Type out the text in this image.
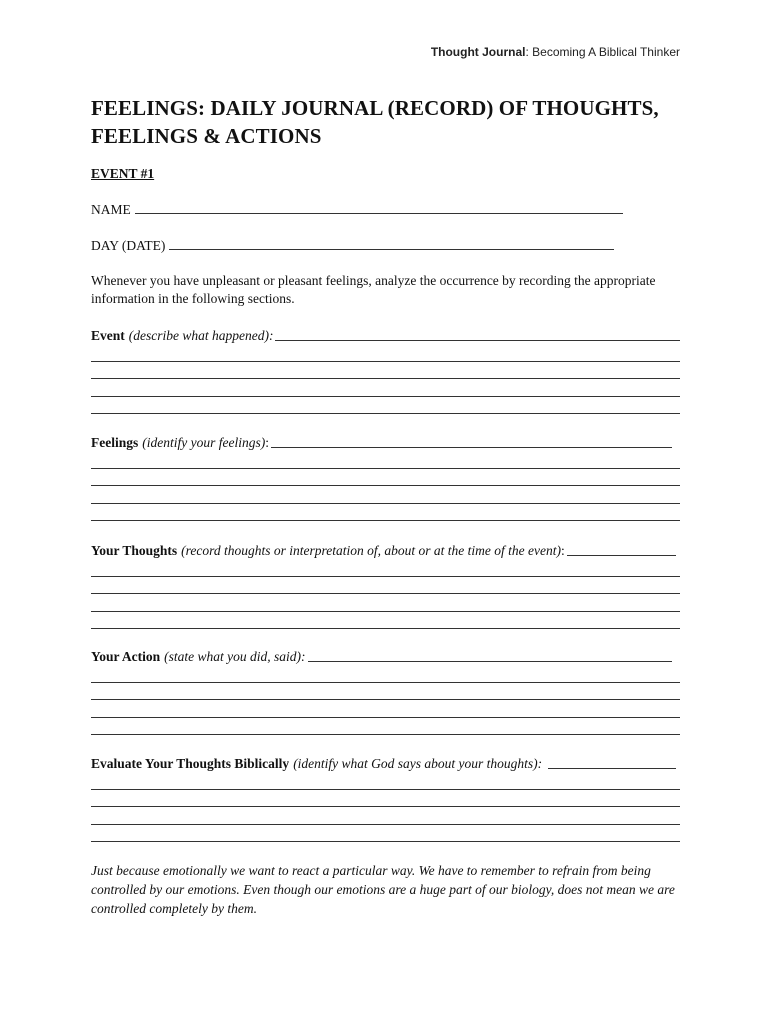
Thought Journal: Becoming A Biblical Thinker
FEELINGS: DAILY JOURNAL (RECORD) OF THOUGHTS, FEELINGS & ACTIONS
EVENT #1
NAME
DAY (DATE)

Whenever you have unpleasant or pleasant feelings, analyze the occurrence by recording the appropriate information in the following sections.

Event (describe what happened):
Feelings (identify your feelings) :
Your Thoughts (record thoughts or interpretation of, about or at the time of the event) :
Your Action (state what you did, said):
Evaluate Your Thoughts Biblically (identify what God says about your thoughts):

Just because emotionally we want to react a particular way. We have to remember to refrain from being controlled by our emotions. Even though our emotions are a huge part of our biology, does not mean we are controlled completely by them.
